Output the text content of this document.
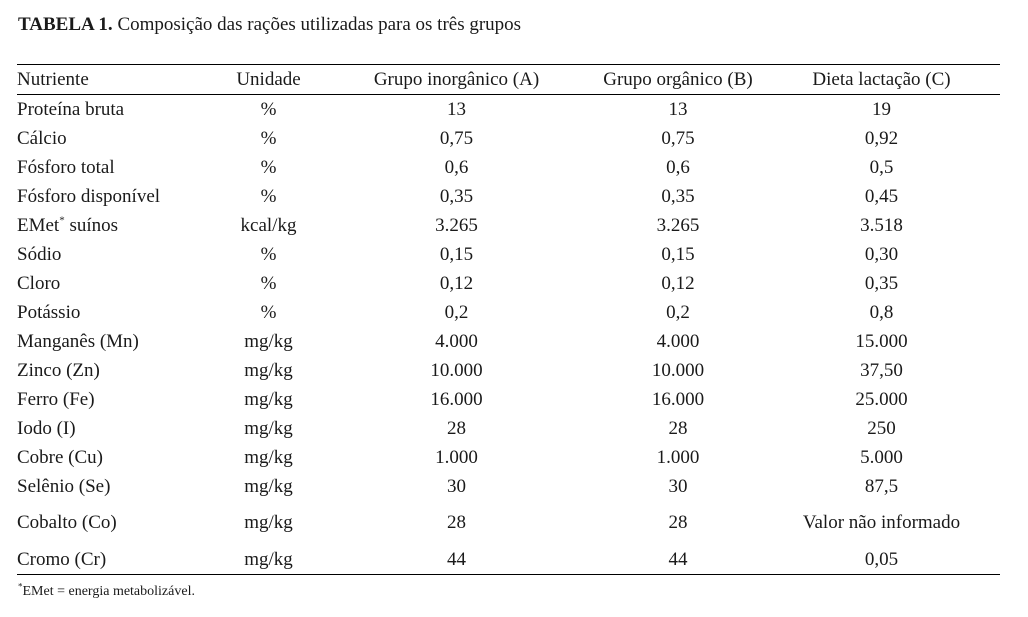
TABELA 1. Composição das rações utilizadas para os três grupos
Nutriente	Unidade	Grupo inorgânico (A)	Grupo orgânico (B)	Dieta lactação (C)
Proteína bruta	%	13	13	19
Cálcio	%	0,75	0,75	0,92
Fósforo total	%	0,6	0,6	0,5
Fósforo disponível	%	0,35	0,35	0,45
EMet* suínos	kcal/kg	3.265	3.265	3.518
Sódio	%	0,15	0,15	0,30
Cloro	%	0,12	0,12	0,35
Potássio	%	0,2	0,2	0,8
Manganês (Mn)	mg/kg	4.000	4.000	15.000
Zinco (Zn)	mg/kg	10.000	10.000	37,50
Ferro (Fe)	mg/kg	16.000	16.000	25.000
Iodo (I)	mg/kg	28	28	250
Cobre (Cu)	mg/kg	1.000	1.000	5.000
Selênio (Se)	mg/kg	30	30	87,5
Cobalto (Co)	mg/kg	28	28	Valor não informado
Cromo (Cr)	mg/kg	44	44	0,05
*EMet = energia metabolizável.
